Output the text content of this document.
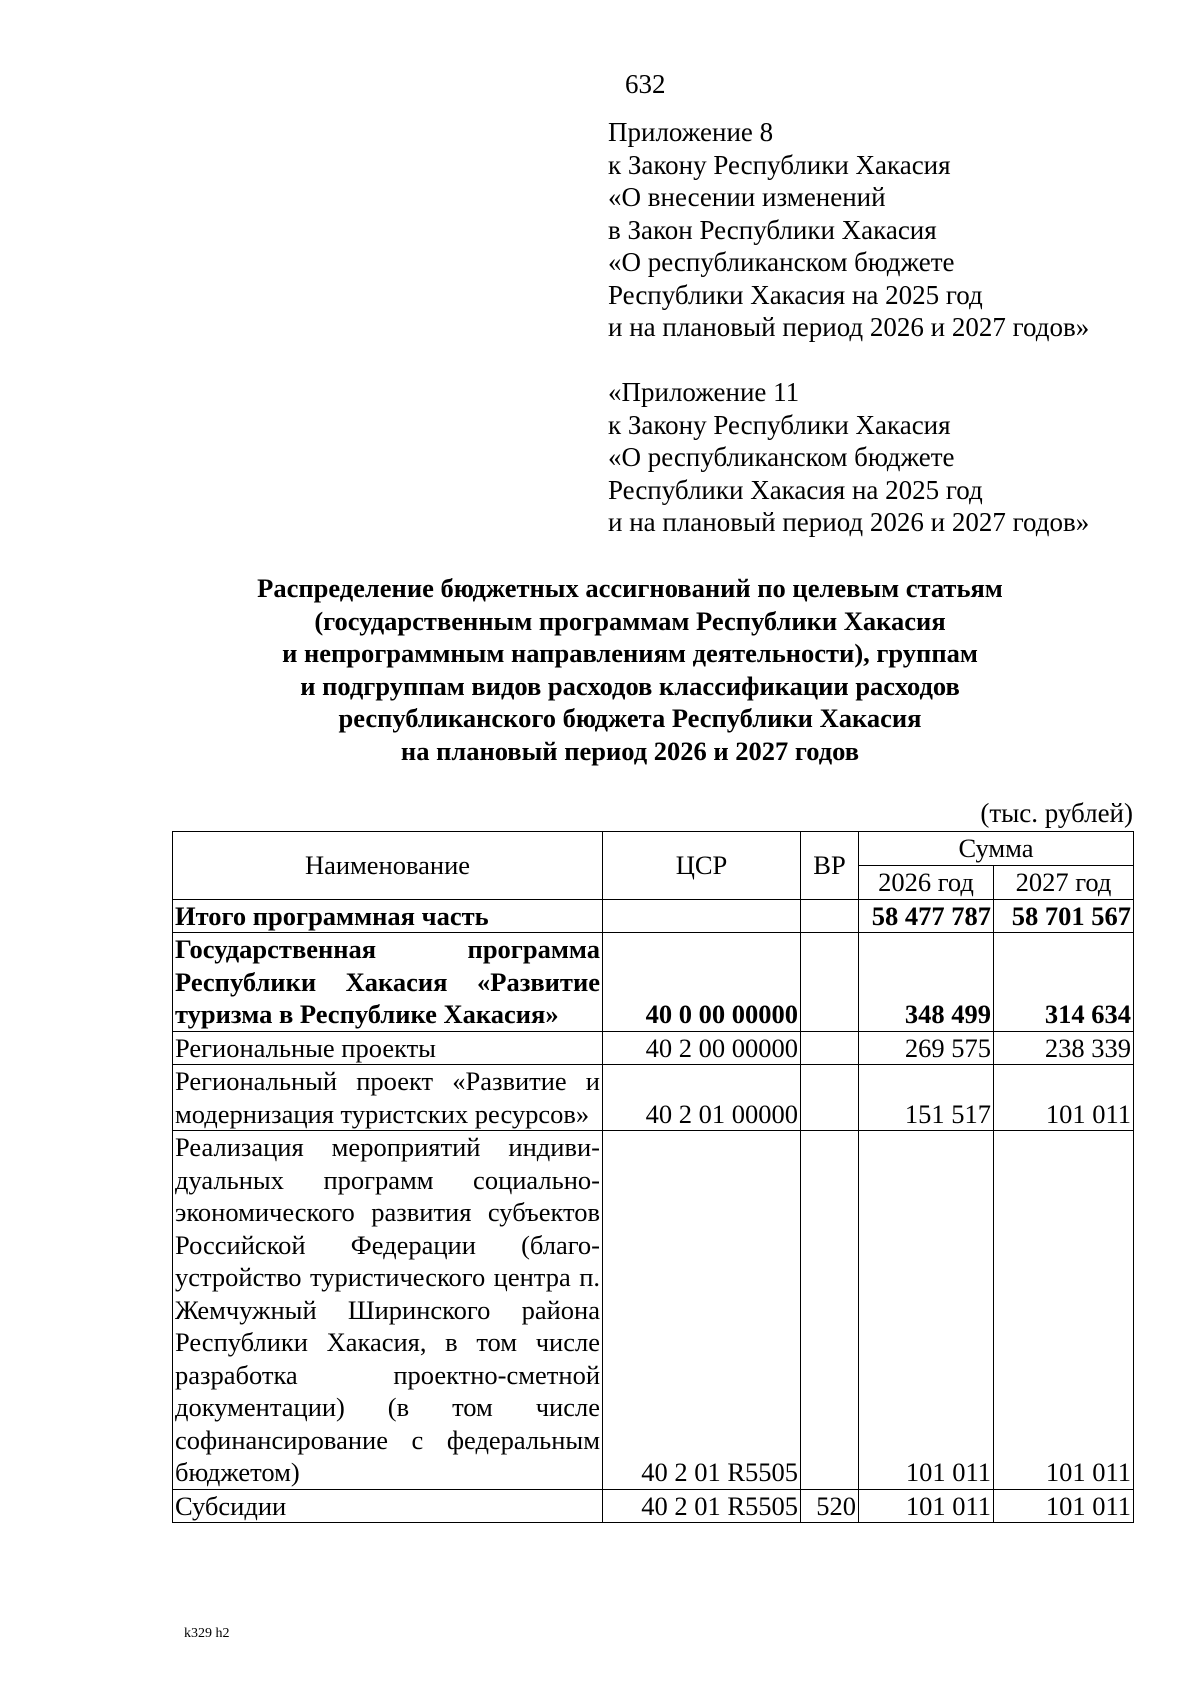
632
Приложение 8
к Закону Республики Хакасия
«О внесении изменений
в Закон Республики Хакасия
«О республиканском бюджете
Республики Хакасия на 2025 год
и на плановый период 2026 и 2027 годов»
«Приложение 11
к Закону Республики Хакасия
«О республиканском бюджете
Республики Хакасия на 2025 год
и на плановый период 2026 и 2027 годов»
Распределение бюджетных ассигнований по целевым статьям
(государственным программам Республики Хакасия
и непрограммным направлениям деятельности), группам
и подгруппам видов расходов классификации расходов
республиканского бюджета Республики Хакасия
на плановый период 2026 и 2027 годов
(тыс. рублей)
Наименование	ЦСР	ВР	Сумма	
			2026 год	2027 год
Итого программная часть			58 477 787	58 701 567
Государственная программа Республики Хакасия «Развитие туризма в Республике Хакасия»	40 0 00 00000		348 499	314 634
Региональные проекты	40 2 00 00000		269 575	238 339
Региональный проект «Развитие и модернизация туристских ресурсов»	40 2 01 00000		151 517	101 011
Реализация мероприятий индивидуальных программ социально-экономического развития субъектов Российской Федерации (благоустройство туристического центра п. Жемчужный Ширинского района Республики Хакасия, в том числе разработка проектно-сметной документации) (в том числе софинансирование с федеральным бюджетом)	40 2 01 R5505		101 011	101 011
Субсидии	40 2 01 R5505	520	101 011	101 011
k329 h2
